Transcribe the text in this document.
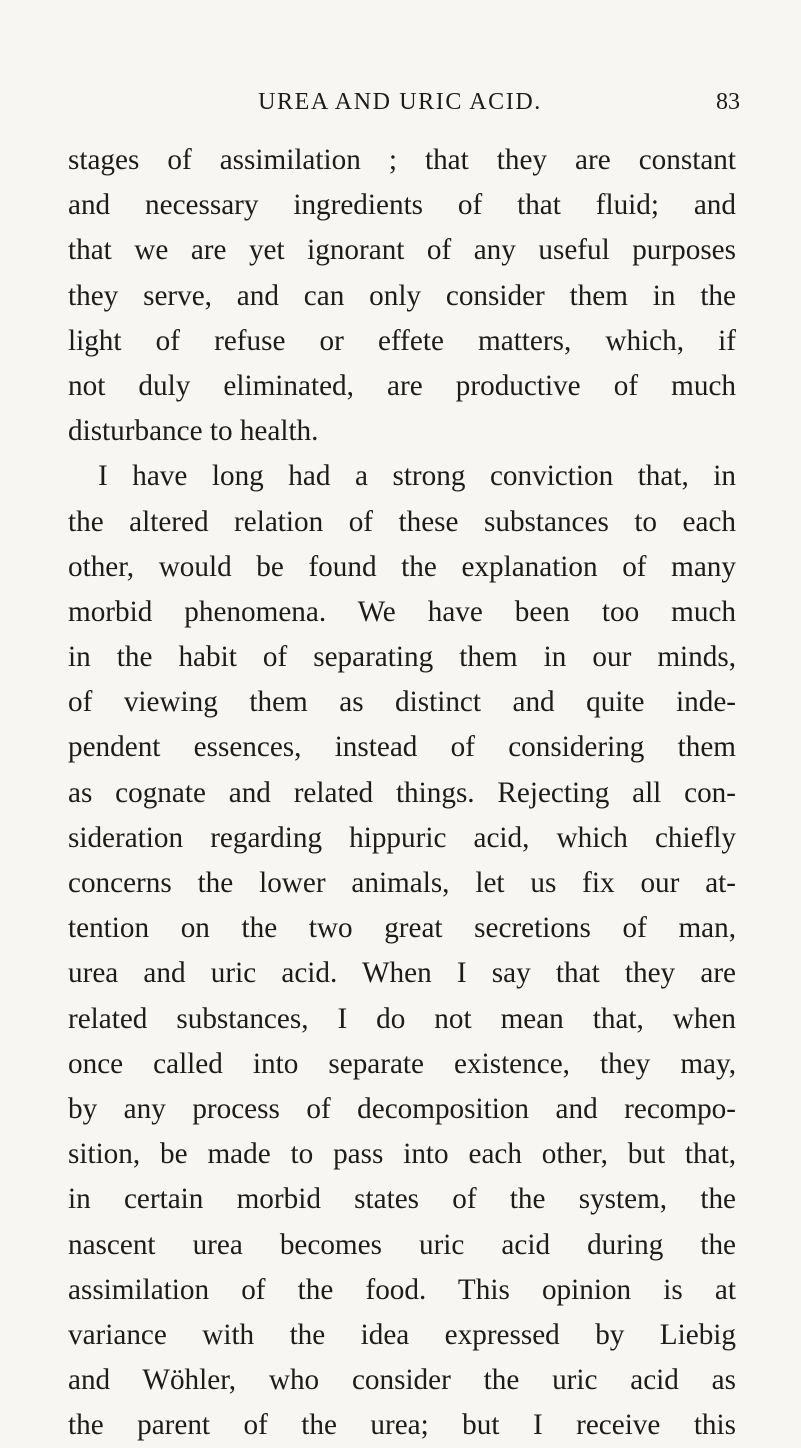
UREA AND URIC ACID.	83
stages of assimilation ; that they are constant
and necessary ingredients of that fluid; and
that we are yet ignorant of any useful purposes
they serve, and can only consider them in the
light of refuse or effete matters, which, if
not duly eliminated, are productive of much
disturbance to health.
I have long had a strong conviction that, in
the altered relation of these substances to each
other, would be found the explanation of many
morbid phenomena. We have been too much
in the habit of separating them in our minds,
of viewing them as distinct and quite inde-
pendent essences, instead of considering them
as cognate and related things. Rejecting all con-
sideration regarding hippuric acid, which chiefly
concerns the lower animals, let us fix our at-
tention on the two great secretions of man,
urea and uric acid. When I say that they are
related substances, I do not mean that, when
once called into separate existence, they may,
by any process of decomposition and recompo-
sition, be made to pass into each other, but that,
in certain morbid states of the system, the
nascent urea becomes uric acid during the
assimilation of the food. This opinion is at
variance with the idea expressed by Liebig
and Wöhler, who consider the uric acid as
the parent of the urea; but I receive this
